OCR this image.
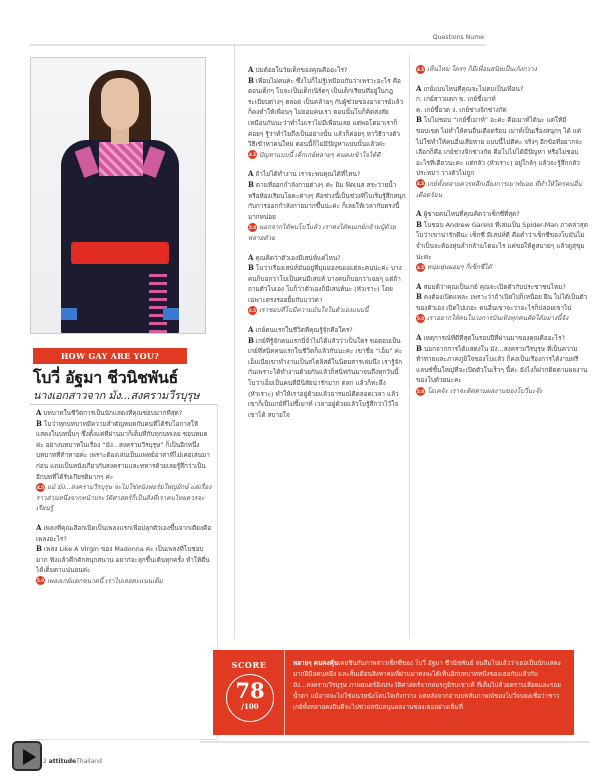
Questions Nume
HOW GAY ARE YOU?
โบวี่ อัฐมา ชีวนิชพันธ์
นางเอกสาวจาก มัง...สงครามวีรบุรุษ
A บทบาทในชีวิตการเป็นนักแสดงที่คุณชอบมากที่สุด?
B โบว่าทุกบทบาทมีความสำคัญหมดกับคนที่ได้รับโอกาสให้แสดงในบทนั้นๆ ซึ่งตั้งแต่ที่ผ่านมาก็เต็มที่กับทุกบทเลย ชอบหมดค่ะ อย่างบทบาทในเรื่อง “มัง...สงครามวีรบุรุษ” ก็เป็นอีกหนึ่งบทบาทที่ท้าทายค่ะ เพราะต้องเล่นเป็นแพทย์อาสาที่ไม่เคยเล่นมาก่อน แถมเป็นหนังเกี่ยวกับสงครามและทหารด้วยเลยรู้สึกว่าเป็นอีกบทที่ได้รับเกียรติมากๆ ค่ะ
4.5 แม้ มัง...สงครามวีรบุรุษ จะไม่ใช่หนังฟอร์มใหญ่ยักษ์ แต่เรื่องราวส่วนหนึ่งจากหน้าประวัติศาสตร์ก็เป็นสิ่งที่เราคนไทยควรจะเรียนรู้
A เพลงที่คุณเลือกเปิดเป็นเพลงแรกเพื่อปลุกตัวเองขึ้นจากเตียงคือเพลงอะไร?
B เพลง Like A Virgin ของ Madonna ค่ะ เป็นเพลงที่โบชอบมาก ฟังแล้วคึกคักสนุกสนาน อยากจะลุกขึ้นเต้นทุกครั้ง ทำให้ตื่นได้เต็มตาแน่นอนค่ะ
5.0 เพลงเกย์แตกขนาดนี้ เราไปเลยคะแนนเต็ม
A ปมด้อยในวัยเด็กของคุณคืออะไร?
B เพื่อนไม่คบค่ะ ซึ่งโบก็ไม่รู้เหมือนกันว่าเพราะอะไร คือตอนเด็กๆ โบจะเป็นเด็กเนิร์ดๆ เป็นเด็กเรียนที่อยู่ในกฎระเบียบต่างๆ ตลอด เป็นคล้ายๆ กับผู้ช่วยของอาจารย์แล้วก็คงทำให้เพื่อนๆ ไม่ยอมคบเรา ตอนนั้นโบก็คิดสงสัยเหมือนกันนะว่าทำไมเราไม่มีเพื่อนเลย แต่พอโตมาเราก็ค่อยๆ รู้ว่าทำไมถึงเป็นอย่างนั้น แล้วก็ค่อยๆ หาวิธีวางตัว วิธีเข้าหาคนใหม่ ตอนนี้ก็ไม่มีปัญหาแบบนั้นแล้วค่ะ
4.5 ปัญหาแบบนี้ เด็กเกย์หลายๆ คนคงเข้าใจได้ดี
A ถ้าไม่ได้ทำงาน เราจะพบคุณได้ที่ไหน?
B ตามที่ออกกำลังกายต่างๆ ค่ะ ยิม ฟิตเนส สระว่ายน้ำ หรือห้องเรียนโยคะต่างๆ คือช่วงนี้เป็นช่วงที่โบเริ่มรู้สึกสนุกกับการออกกำลังกายมากขึ้นน่ะค่ะ ก็เลยให้เวลากับตรงนี้มากหน่อย
5.0 นอกจากได้พบโบวี่แล้ว เราคงได้พบเกย์กล้ามบู้ด้วยหลายตัวย
A คุณคิดว่าตัวเองมีเสน่ห์แค่ไหน?
B โบว่าเรื่องเสน่ห์มันอยู่ที่มุมมองของแต่ละคนน่ะค่ะ บางคนก็บอกว่าโบเป็นคนมีเสน่ห์ บางคนก็บอกว่าเฉยๆ แต่ถ้าถามตัวโบเอง โบก็ว่าตัวเองก็มีเสน่ห์นะ (หัวเราะ) โดยเฉพาะตรงรอยยิ้มกับแววตา
4.5 เราชอบที่โบมีความมั่นใจในตัวเองแบบนี้
A เกย์คนแรกในชีวิตที่คุณรู้จักคือใคร?
B เกย์ที่รู้จักคนแรกนี่จำไม่ได้แล้วว่าเป็นใคร ขอตอบเป็นเกย์ที่สนิทคนแรกในชีวิตก็แล้วกันนะคะ เขาชื่อ “เอ็ม” ค่ะ เอ็มเนี่ยเขาทำงานเป็นสไตลิสต์ในนิตยสารเล่มนึง เรารู้จักกันเพราะได้ทำงานด้วยกันแล้วก็สนิทกันมาจนถึงทุกวันนี้ โบว่าเอ็มเป็นคนที่มีนิสัยน่ารักมาก ตลก แล้วก็ทะลึ่ง (หัวเราะ) ทำให้เราอยู่ด้วยแล้วอารมณ์ดีตลอดเวลา แล้วเขาก็เป็นเกย์ที่ไม่ขี้เมาท์ เวลาอยู่ด้วยแล้วโบรู้สึกว่าไว้ใจเขาได้ สบายใจ
4.5 เห็นไหม ใครๆ ก็มีเพื่อนสนิทเป็นเก้งกวาง
A เกย์แบบไหนที่คุณจะไม่คบเป็นเพื่อน?
ก. เกย์สาวแตก ข. เกย์ขี้เมาท์
ค. เกย์ขี้อวด ง. เกย์ช่างจิกช่างกัด
B โบไม่ชอบ “เกย์ขี้เมาท์” อะค่ะ คือเมาท์ได้นะ แต่ให้มีขอบเขต ไม่ทำให้คนอื่นเดือดร้อน เมาท์เป็นเรื่องสนุกๆ ได้ แต่ไม่ใช่ทำให้คนอื่นเสียหาย แบบนี้ไม่ดีค่ะ จริงๆ อีกข้อที่อยากจะเลือกก็คือ เกย์ช่างจิกช่างกัด คือโบไม่ได้มีปัญหา หรือไม่ชอบอะไรที่เดียวนะคะ แต่กลัว (หัวเราะ) อยู่ใกล้ๆ แล้วจะรู้สึกกลัว ประหม่า วางตัวไม่ถูก
4.5 เกย์ทั้งหลายควรหลีกเลี่ยงการเมาท์มอย ที่ทำให้ใครคนอื่นเดือดร้อน
A ผู้ชายคนไหนที่คุณคิดว่าเซ็กซี่ที่สุด?
B โบชอบ Andrew Gareld ที่เล่นเป็น Spider-Man ภาคล่าสุด โบว่าเขาน่ารักดีนะ เซ็กซี่ มีเสน่ห์ดี คือคำว่าเซ็กซี่ของโบมันไม่จำเป็นจะต้องหุ่นล่ำกล้ามโตอะไร แค่ขอให้ดูสบายๆ แล้วดูสุขุมน่ะค่ะ
4.5 หนุ่มหุ่นผอมๆ ก็เซ็กซี่ได้
A สมมติว่าคุณเป็นเกย์ คุณจะเปิดตัวกับประชาชนไหม?
B คงต้องเปิดแหละ เพราะว่าถ้าเปิดไปก็เหนื่อย ฝืน ไม่ได้เป็นตัวของตัวเอง เปิดไปเถอะ คนอื่นเขาจะว่าอะไรก็ปล่อยเขาไป
5.0 เราอยากให้คนในวงการบันเทิงทุกคนคิดได้อย่างนี้จัง
A เหตุการณ์ที่ดีที่สุดในรอบปีที่ผ่านมาของคุณคืออะไร?
B นอกจากการได้แสดงใน มัง...สงครามวีรบุรุษ ที่เป็นความท้าทายและภาคภูมิใจของโบแล้ว ก็คงเป็นเรื่องการได้งานฟรีแลนซ์ชิ้นใหญ่ที่จะเปิดตัวในเร็วๆ นี้ค่ะ ยังไงก็ฝากติดตามผลงานของโบด้วยนะคะ
5.0 โอเคจ้ะ เราจะติดตามผลงานของโบวี่นะจ๊ะ
SCORE
78
/100
หลายๆ คนคงคุ้นเคยชินกับภาพสาวเซ็กซี่ของ โบวี่ อัฐมา ชีวนิชพันธ์ จนลืมไปแล้วว่าเธอเป็นนักแสดงมากฝีมือคนหนึ่ง และสิ้นเดือนสิงหาคมที่ผ่านมาคงจะได้เห็นอีกบทบาทหนึ่งของเธอกันแล้วกับ มัง...สงครามวีรบุรุษ ภาพยนตร์อิงประวัติศาสตร์จากสมรภูมิรบเชาเค้ ที่เต็มไปด้วยคราบเลือดและรอยน้ำตา แม้อาจจะไม่ใช่แนวหนังโดนใจเก้งกวาง แต่หลังจากอ่านบทสัมภาษณ์ของโบวี่จบลงเชื่อว่าชาวเกย์ทั้งหลายคงยินดีจะไปช่วยสนับสนุนผลงานของเธออย่างเต็มที่
2 attitudeThailand
